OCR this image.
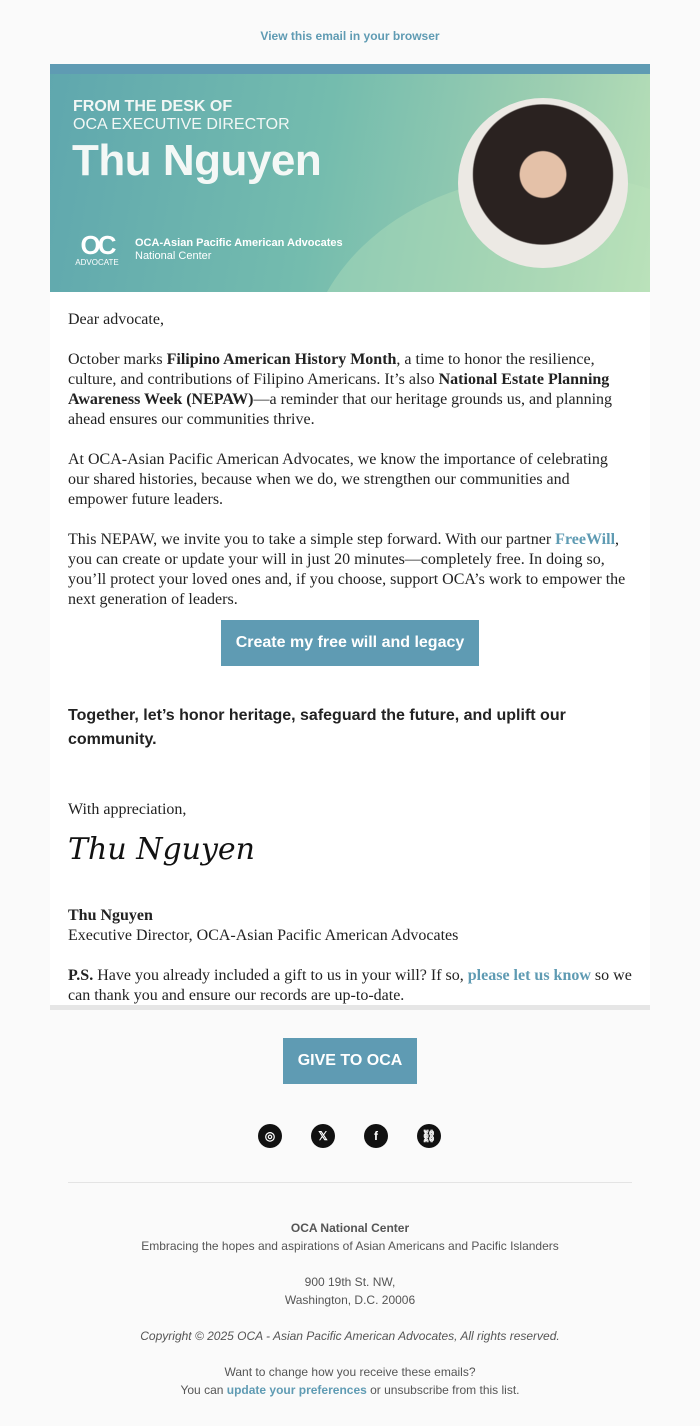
View this email in your browser
FROM THE DESK OF
OCA EXECUTIVE DIRECTOR
Thu Nguyen
OC
ADVOCATE
OCA-Asian Pacific American Advocates
National Center

Dear advocate,

October marks Filipino American History Month, a time to honor the resilience, culture, and contributions of Filipino Americans. It’s also National Estate Planning Awareness Week (NEPAW)—a reminder that our heritage grounds us, and planning ahead ensures our communities thrive.

At OCA-Asian Pacific American Advocates, we know the importance of celebrating our shared histories, because when we do, we strengthen our communities and empower future leaders.

This NEPAW, we invite you to take a simple step forward. With our partner FreeWill, you can create or update your will in just 20 minutes—completely free. In doing so, you’ll protect your loved ones and, if you choose, support OCA’s work to empower the next generation of leaders.

Create my free will and legacy

Together, let’s honor heritage, safeguard the future, and uplift our community.

With appreciation,

Thu Nguyen

Thu Nguyen
Executive Director, OCA-Asian Pacific American Advocates

P.S. Have you already included a gift to us in your will? If so, please let us know so we can thank you and ensure our records are up-to-date.

GIVE TO OCA
◎	𝕏	f	⛓
OCA National Center
Embracing the hopes and aspirations of Asian Americans and Pacific Islanders
900 19th St. NW,
Washington, D.C. 20006
Copyright © 2025 OCA - Asian Pacific American Advocates, All rights reserved.
Want to change how you receive these emails?
You can update your preferences or unsubscribe from this list.
